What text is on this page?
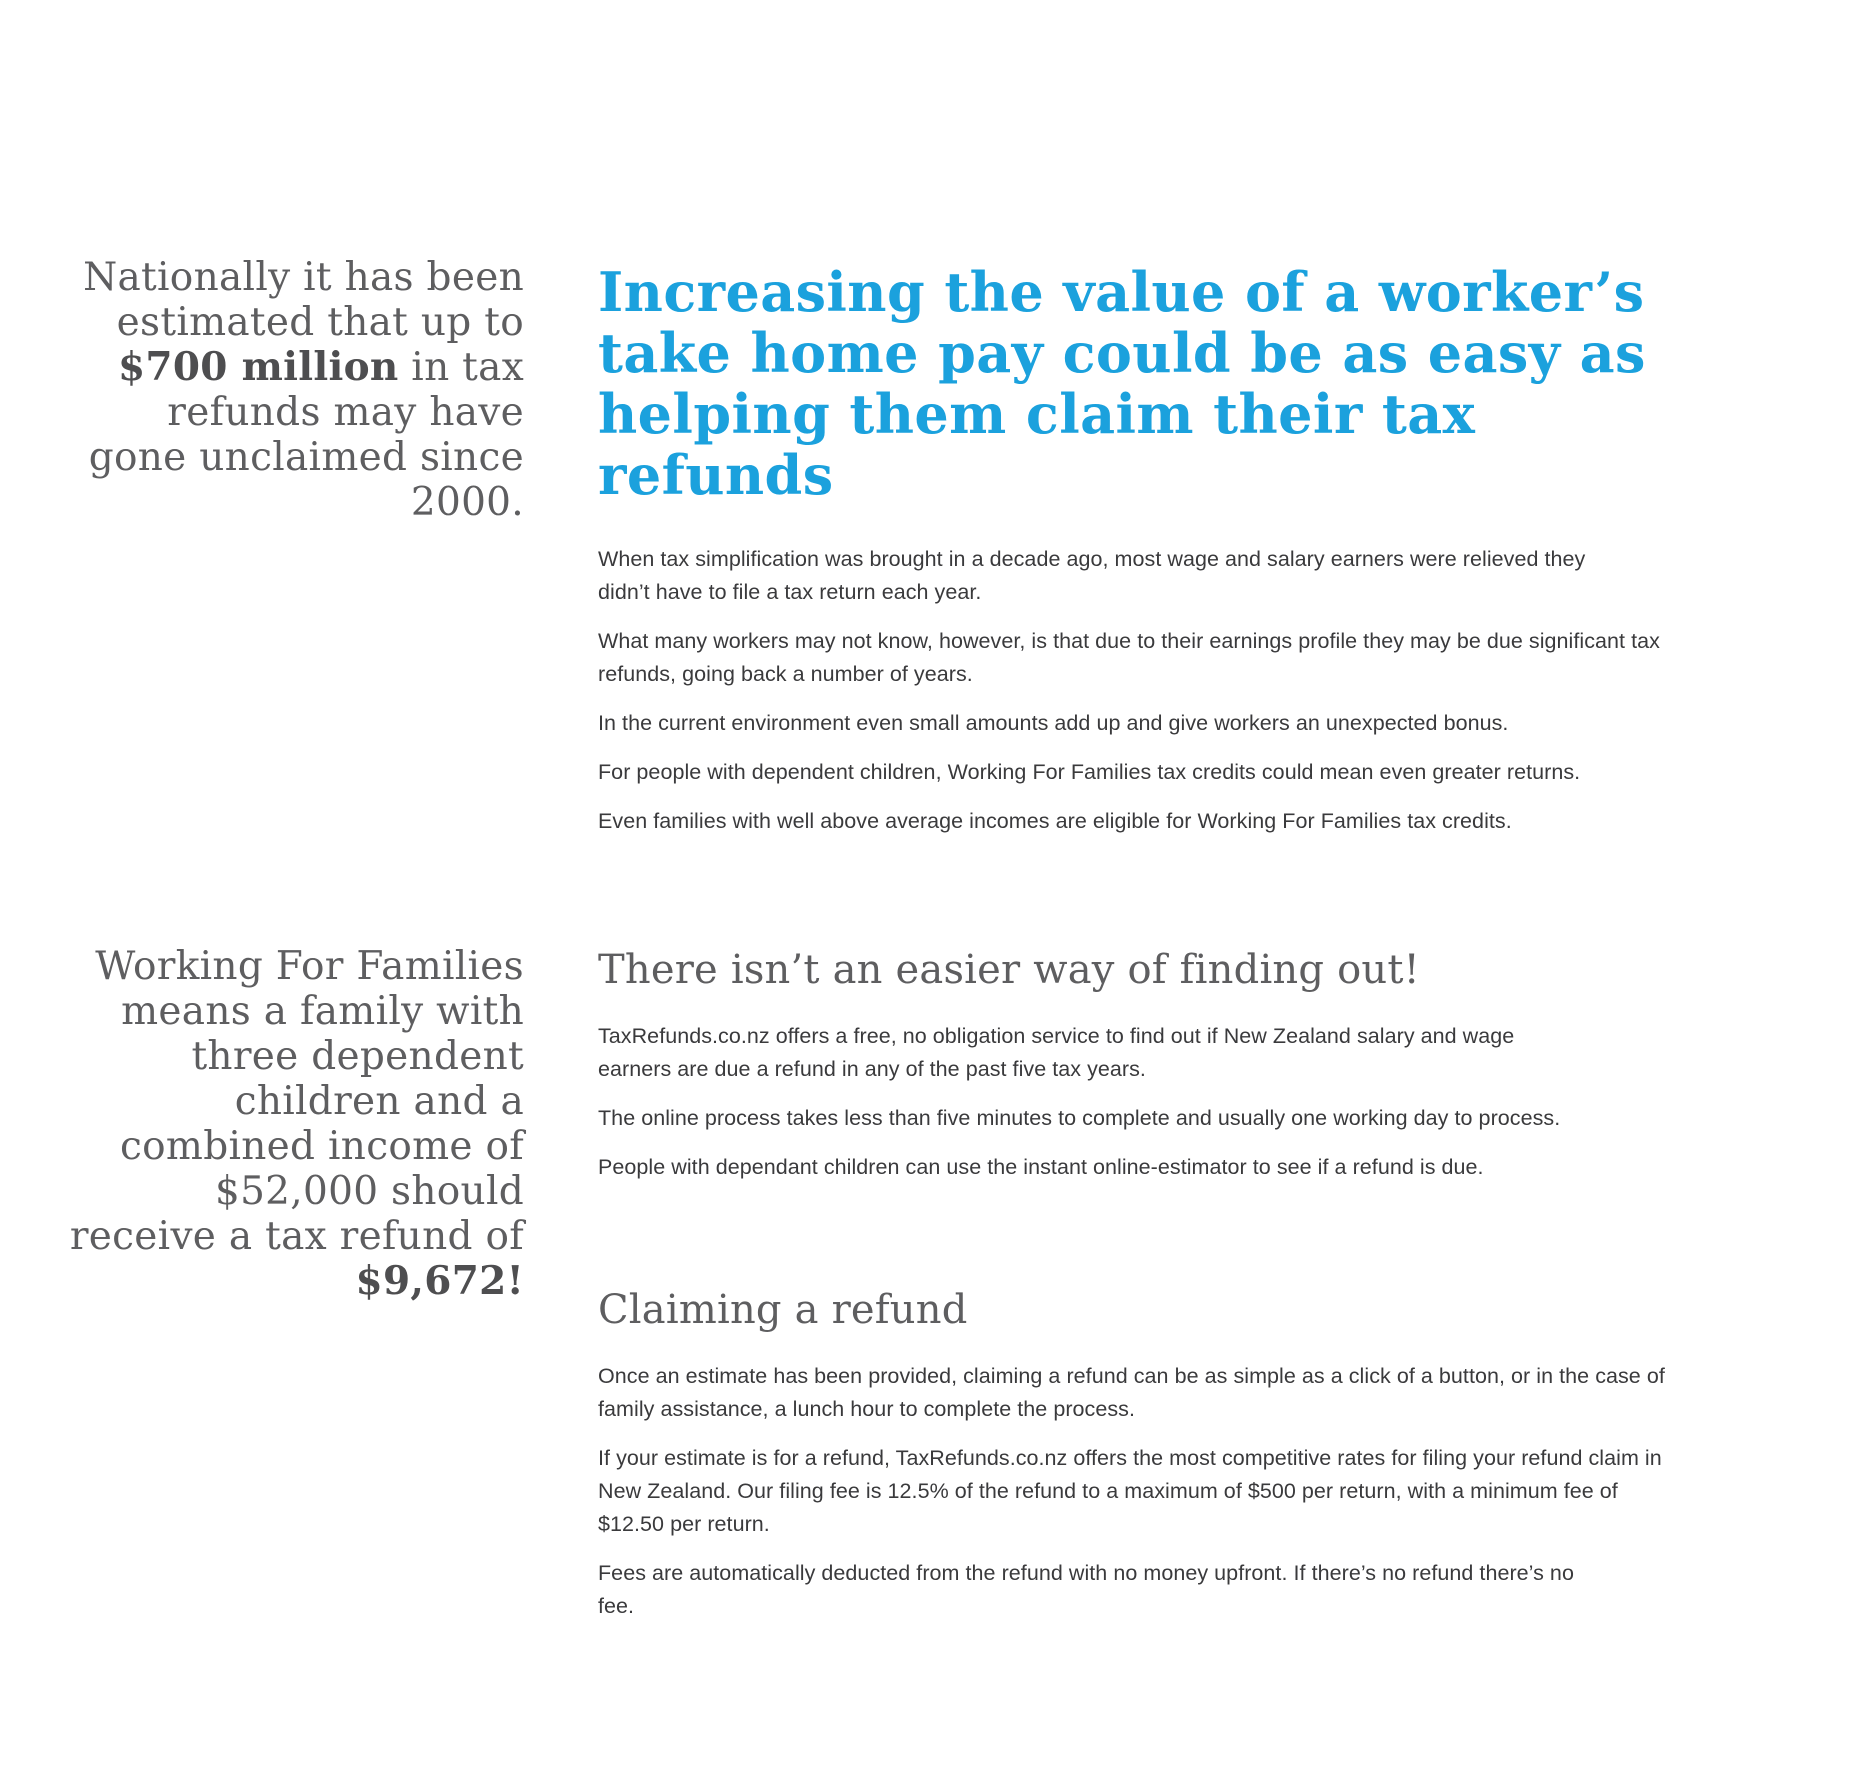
Nationally it has been estimated that up to $700 million in tax refunds may have gone unclaimed since 2000.

Working For Families means a family with three dependent children and a combined income of $52,000 should receive a tax refund of $9,672!

Increasing the value of a worker’s take home pay could be as easy as helping them claim their tax refunds

When tax simplification was brought in a decade ago, most wage and salary earners were relieved they didn’t have to file a tax return each year.

What many workers may not know, however, is that due to their earnings profile they may be due significant tax refunds, going back a number of years.

In the current environment even small amounts add up and give workers an unexpected bonus.

For people with dependent children, Working For Families tax credits could mean even greater returns.

Even families with well above average incomes are eligible for Working For Families tax credits.

There isn’t an easier way of finding out!

TaxRefunds.co.nz offers a free, no obligation service to find out if New Zealand salary and wage earners are due a refund in any of the past five tax years.

The online process takes less than five minutes to complete and usually one working day to process.

People with dependant children can use the instant online-estimator to see if a refund is due.

Claiming a refund

Once an estimate has been provided, claiming a refund can be as simple as a click of a button, or in the case of family assistance, a lunch hour to complete the process.

If your estimate is for a refund, TaxRefunds.co.nz offers the most competitive rates for filing your refund claim in New Zealand. Our filing fee is 12.5% of the refund to a maximum of $500 per return, with a minimum fee of $12.50 per return.

Fees are automatically deducted from the refund with no money upfront. If there’s no refund there’s no fee.
